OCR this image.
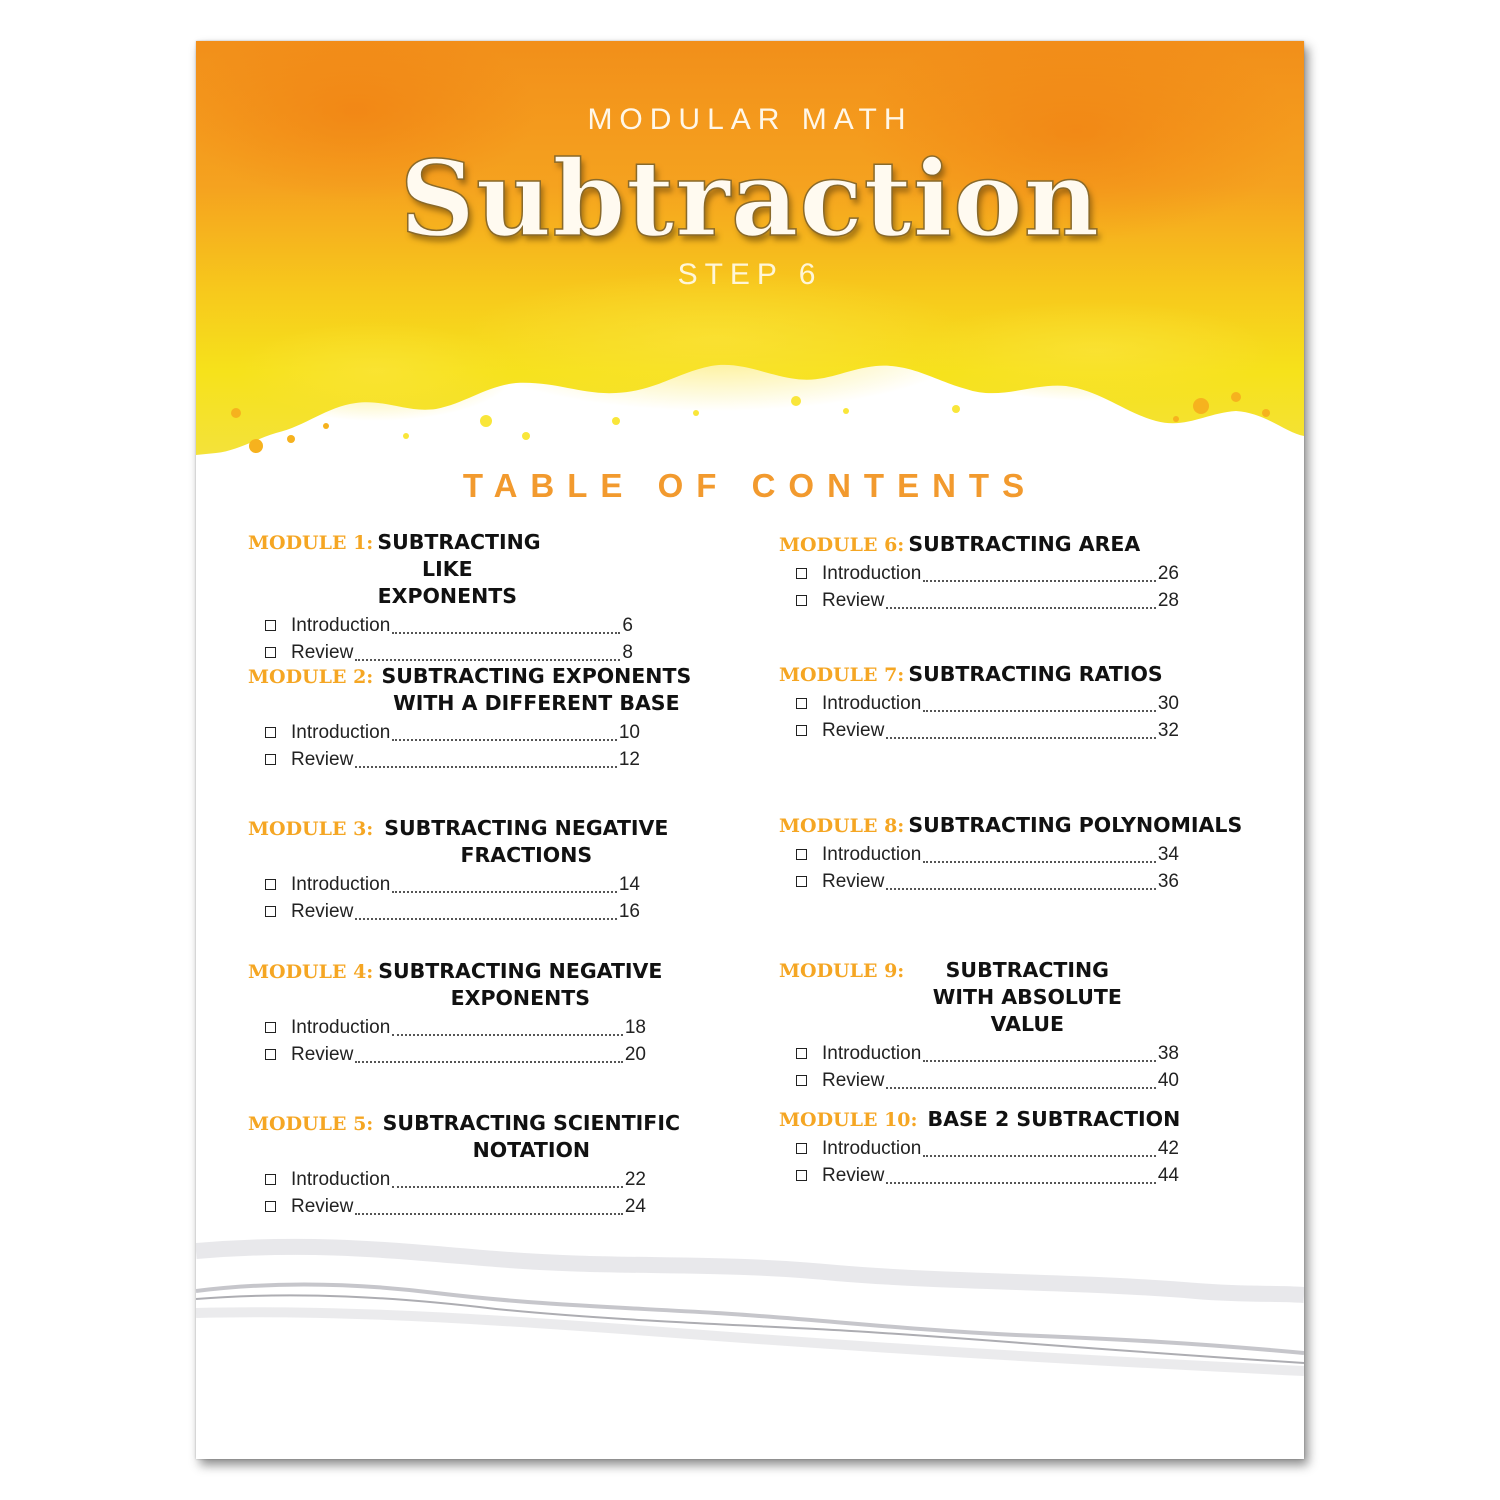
MODULAR MATH

Subtraction

STEP 6

TABLE OF CONTENTS
MODULE 1: SUBTRACTING LIKE EXPONENTS
Introduction	6
Review	8
MODULE 2: SUBTRACTING EXPONENTS WITH A DIFFERENT BASE
Introduction	10
Review	12
MODULE 3: SUBTRACTING NEGATIVE FRACTIONS
Introduction	14
Review	16
MODULE 4: SUBTRACTING NEGATIVE EXPONENTS
Introduction	18
Review	20
MODULE 5: SUBTRACTING SCIENTIFIC NOTATION
Introduction	22
Review	24
MODULE 6: SUBTRACTING AREA
Introduction	26
Review	28
MODULE 7: SUBTRACTING RATIOS
Introduction	30
Review	32
MODULE 8: SUBTRACTING POLYNOMIALS
Introduction	34
Review	36
MODULE 9:	SUBTRACTING WITH ABSOLUTE VALUE
Introduction	38
Review	40
MODULE 10: BASE 2 SUBTRACTION
Introduction	42
Review	44
